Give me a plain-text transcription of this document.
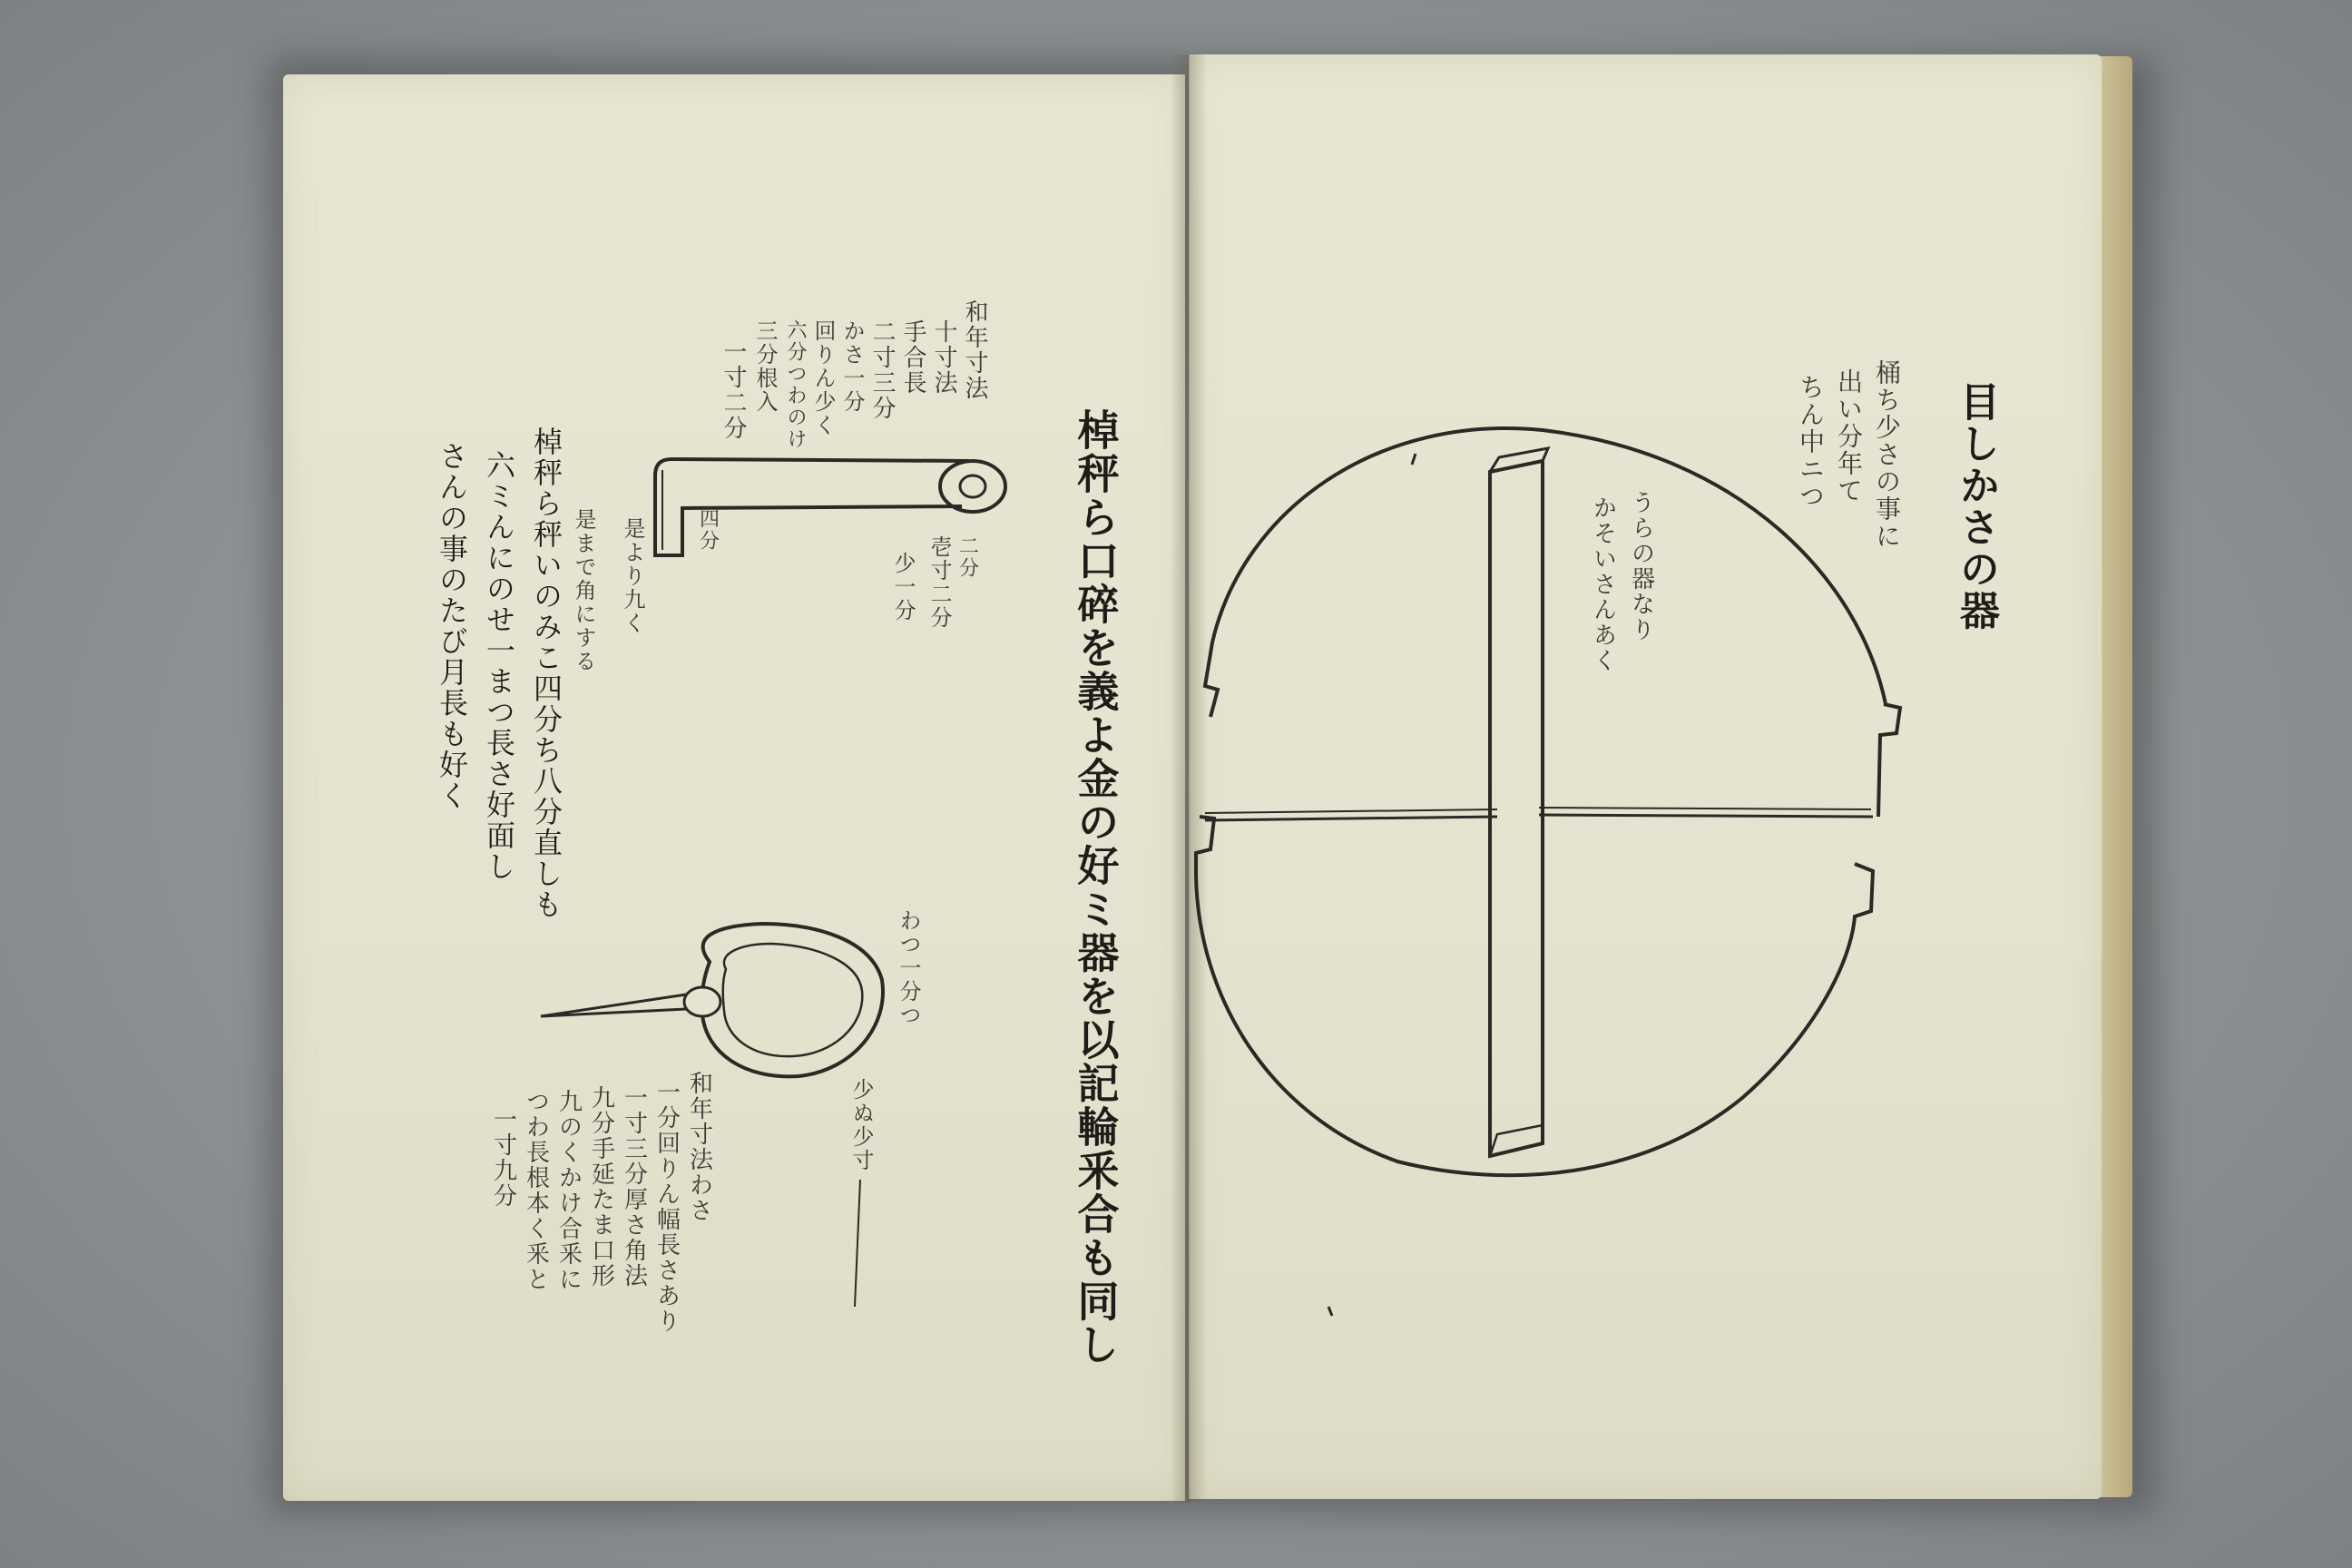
棹秤ら口碎を義よ金の好ミ器を以記輪釆合も同し
和年寸法
十寸法
手合長
二寸三分
かさ一分
回りん少く
六分つわのけ
三分根入
一寸二分
棹秤ら秤いのみこ四分ち八分直しも
六ミんにのせ一まつ長さ好面し
さんの事のたび月長も好く	四分
是より九く
是まで角にする	二分
壱寸二分
少一分
わつ一分つ
少ぬ少寸
和年寸法わさ
一分回りん幅長さあり
一寸三分厚さ角法
九分手延たま口形
九のくかけ合釆に
つわ長根本く釆と
一寸九分
目しかさの器
桶ち少さの事に
出い分年て
ちん中ニつ
うらの器なり
かそいさんあく
